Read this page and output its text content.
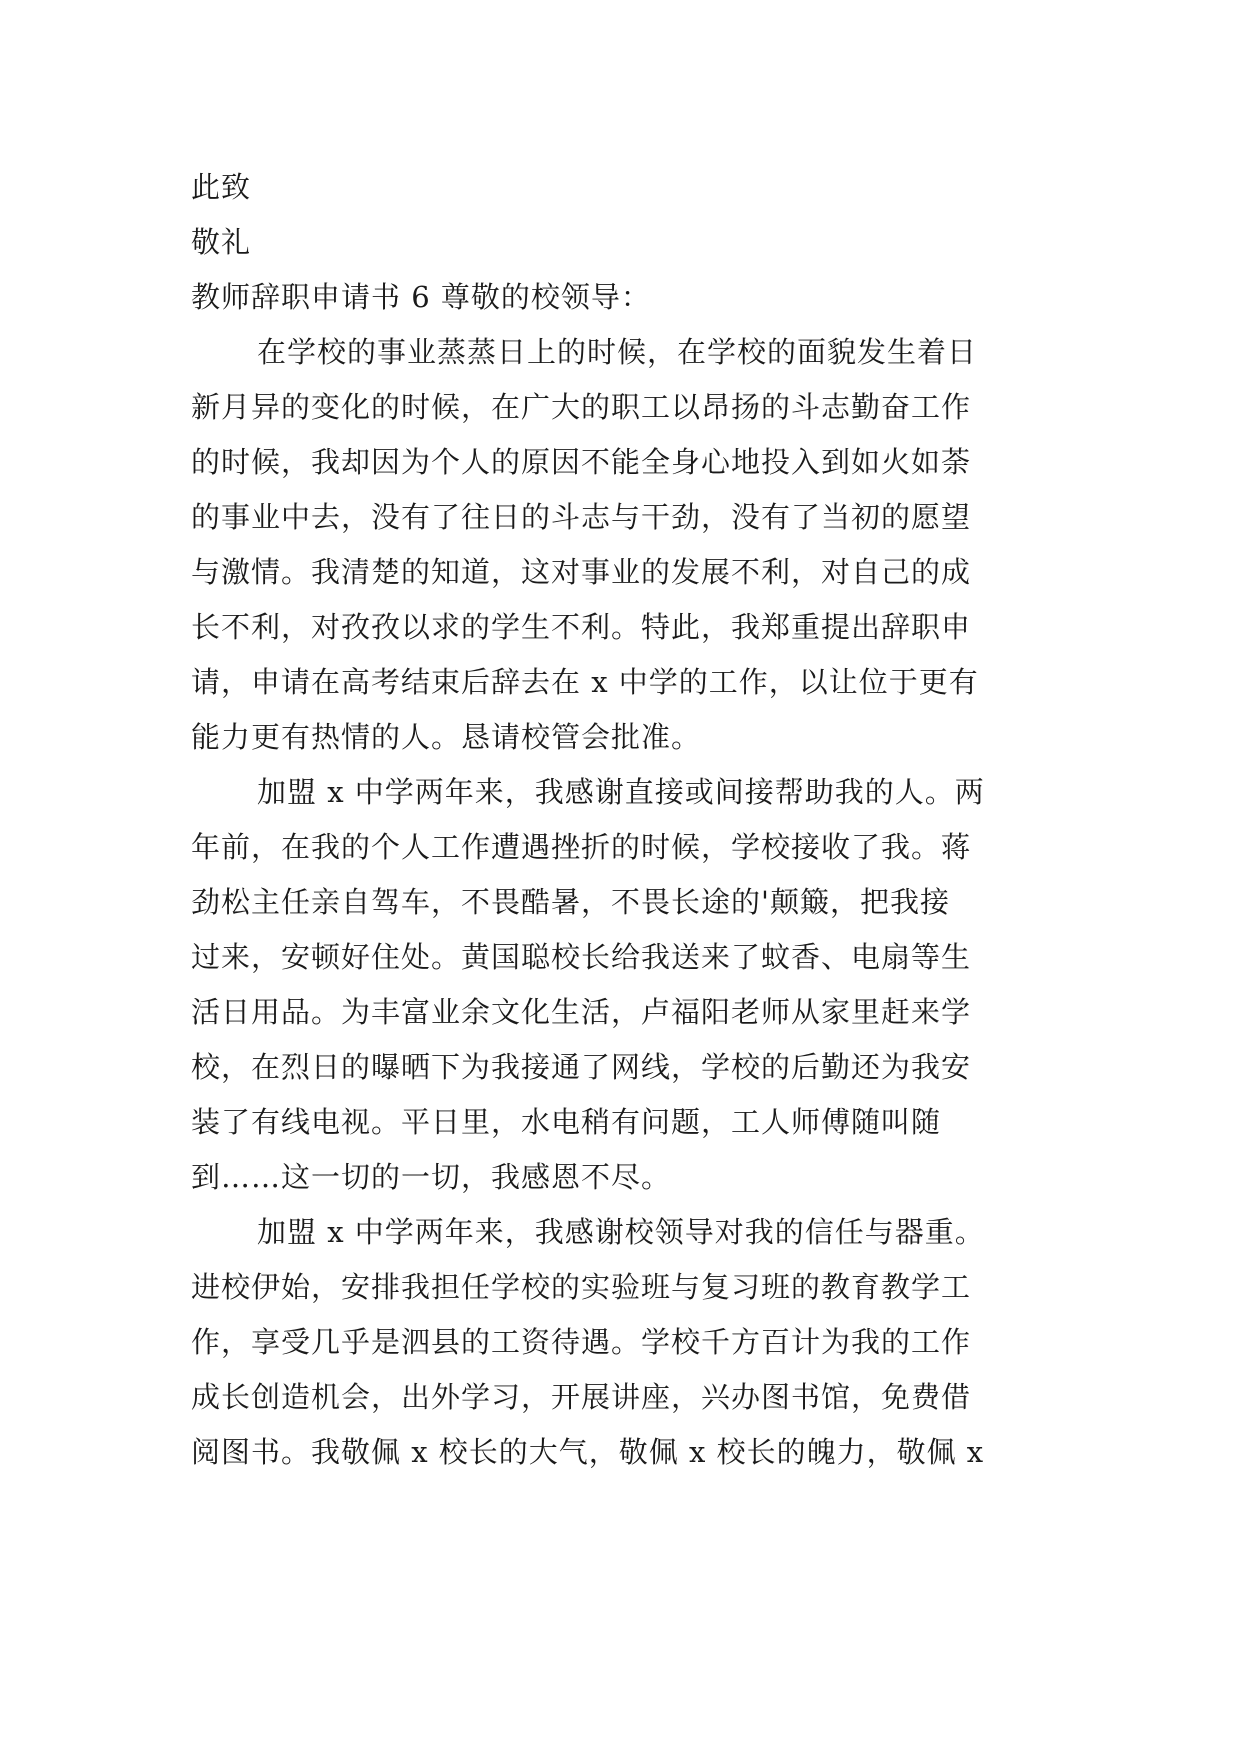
此致
敬礼
教师辞职申请书 6 尊敬的校领导：
在学校的事业蒸蒸日上的时候，在学校的面貌发生着日
新月异的变化的时候，在广大的职工以昂扬的斗志勤奋工作
的时候，我却因为个人的原因不能全身心地投入到如火如荼
的事业中去，没有了往日的斗志与干劲，没有了当初的愿望
与激情。我清楚的知道，这对事业的发展不利，对自己的成
长不利，对孜孜以求的学生不利。特此，我郑重提出辞职申
请，申请在高考结束后辞去在 x 中学的工作，以让位于更有
能力更有热情的人。恳请校管会批准。
加盟 x 中学两年来，我感谢直接或间接帮助我的人。两
年前，在我的个人工作遭遇挫折的时候，学校接收了我。蒋
劲松主任亲自驾车，不畏酷暑，不畏长途的'颠簸，把我接
过来，安顿好住处。黄国聪校长给我送来了蚊香、电扇等生
活日用品。为丰富业余文化生活，卢福阳老师从家里赶来学
校，在烈日的曝晒下为我接通了网线，学校的后勤还为我安
装了有线电视。平日里，水电稍有问题，工人师傅随叫随
到……这一切的一切，我感恩不尽。
加盟 x 中学两年来，我感谢校领导对我的信任与器重。
进校伊始，安排我担任学校的实验班与复习班的教育教学工
作，享受几乎是泗县的工资待遇。学校千方百计为我的工作
成长创造机会，出外学习，开展讲座，兴办图书馆，免费借
阅图书。我敬佩 x 校长的大气，敬佩 x 校长的魄力，敬佩 x
